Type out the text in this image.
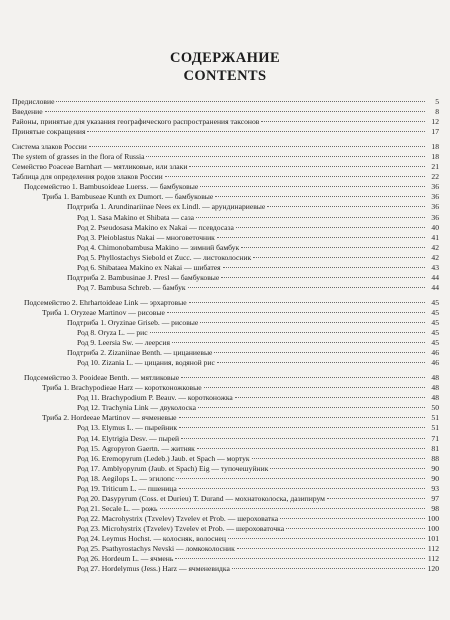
СОДЕРЖАНИЕ
CONTENTS
Предисловие	5
Введение	8
Районы, принятые для указания географического распространения таксонов	12
Принятые сокращения	17
Система злаков России	18
The system of grasses in the flora of Russia	18
Семейство Poaceae Barnhart — мятликовые, или злаки	21
Таблица для определения родов злаков России	22
Подсемейство 1. Bambusoideae Luerss. — бамбуковые	36
Триба 1. Bambuseae Kunth ex Dumort. — бамбуковые	36
Подтриба 1. Arundinariinae Nees ex Lindl. — арундинариевые	36
Род 1. Sasa Makino et Shibata — саза	36
Род 2. Pseudosasa Makino ex Nakai — псевдосаза	40
Род 3. Pleioblastus Nakai — многоветочник	41
Род 4. Chimonobambusa Makino — зимний бамбук	42
Род 5. Phyllostachys Siebold et Zucc. — листоколосник	42
Род 6. Shibataea Makino ex Nakai — шибатея	43
Подтриба 2. Bambusinae J. Presl — бамбуковые	44
Род 7. Bambusa Schreb. — бамбук	44
Подсемейство 2. Ehrhartoideae Link — эрхартовые	45
Триба 1. Oryzeae Martinov — рисовые	45
Подтриба 1. Oryzinae Griseb. — рисовые	45
Род 8. Oryza L. — рис	45
Род 9. Leersia Sw. — леерсия	45
Подтриба 2. Zizaniinae Benth. — цицаниевые	46
Род 10. Zizania L. — цицания, водяной рис	46
Подсемейство 3. Pooideae Benth. — мятликовые	48
Триба 1. Brachypodieae Harz — коротконожковые	48
Род 11. Brachypodium P. Beauv. — коротконожка	48
Род 12. Trachynia Link — двуколоска	50
Триба 2. Hordeeae Martinov — ячменевые	51
Род 13. Elymus L. — пырейник	51
Род 14. Elytrigia Desv. — пырей	71
Род 15. Agropyron Gaertn. — житняк	81
Род 16. Eremopyrum (Ledeb.) Jaub. et Spach — мортук	88
Род 17. Amblyopyrum (Jaub. et Spach) Eig — тупочешуйник	90
Род 18. Aegilops L. — эгилопс	90
Род 19. Triticum L. — пшеница	93
Род 20. Dasypyrum (Coss. et Durieu) T. Durand — мохнатоколоска, дазипирум	97
Род 21. Secale L. — рожь	98
Род 22. Macrohystrix (Tzvelev) Tzvelev et Prob. — шероховатка	100
Род 23. Microhystrix (Tzvelev) Tzvelev et Prob. — шероховаточка	100
Род 24. Leymus Hochst. — колосняк, волоснец	101
Род 25. Psathyrostachys Nevski — ломкоколосник	112
Род 26. Hordeum L. — ячмень	112
Род 27. Hordelymus (Jess.) Harz — ячменевидка	120
